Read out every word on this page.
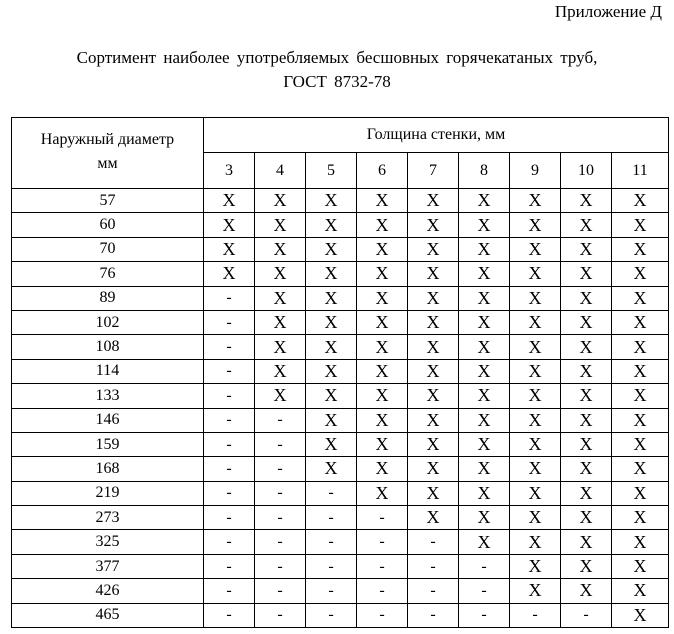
Приложение Д
Сортимент наиболее употребляемых бесшовных горячекатаных труб,
ГОСТ 8732-78
Наружный диаметр
мм	Голщина стенки, мм								
	3	4	5	6	7	8	9	10	11
57	X	X	X	X	X	X	X	X	X
60	X	X	X	X	X	X	X	X	X
70	X	X	X	X	X	X	X	X	X
76	X	X	X	X	X	X	X	X	X
89	-	X	X	X	X	X	X	X	X
102	-	X	X	X	X	X	X	X	X
108	-	X	X	X	X	X	X	X	X
114	-	X	X	X	X	X	X	X	X
133	-	X	X	X	X	X	X	X	X
146	-	-	X	X	X	X	X	X	X
159	-	-	X	X	X	X	X	X	X
168	-	-	X	X	X	X	X	X	X
219	-	-	-	X	X	X	X	X	X
273	-	-	-	-	X	X	X	X	X
325	-	-	-	-	-	X	X	X	X
377	-	-	-	-	-	-	X	X	X
426	-	-	-	-	-	-	X	X	X
465	-	-	-	-	-	-	-	-	X
